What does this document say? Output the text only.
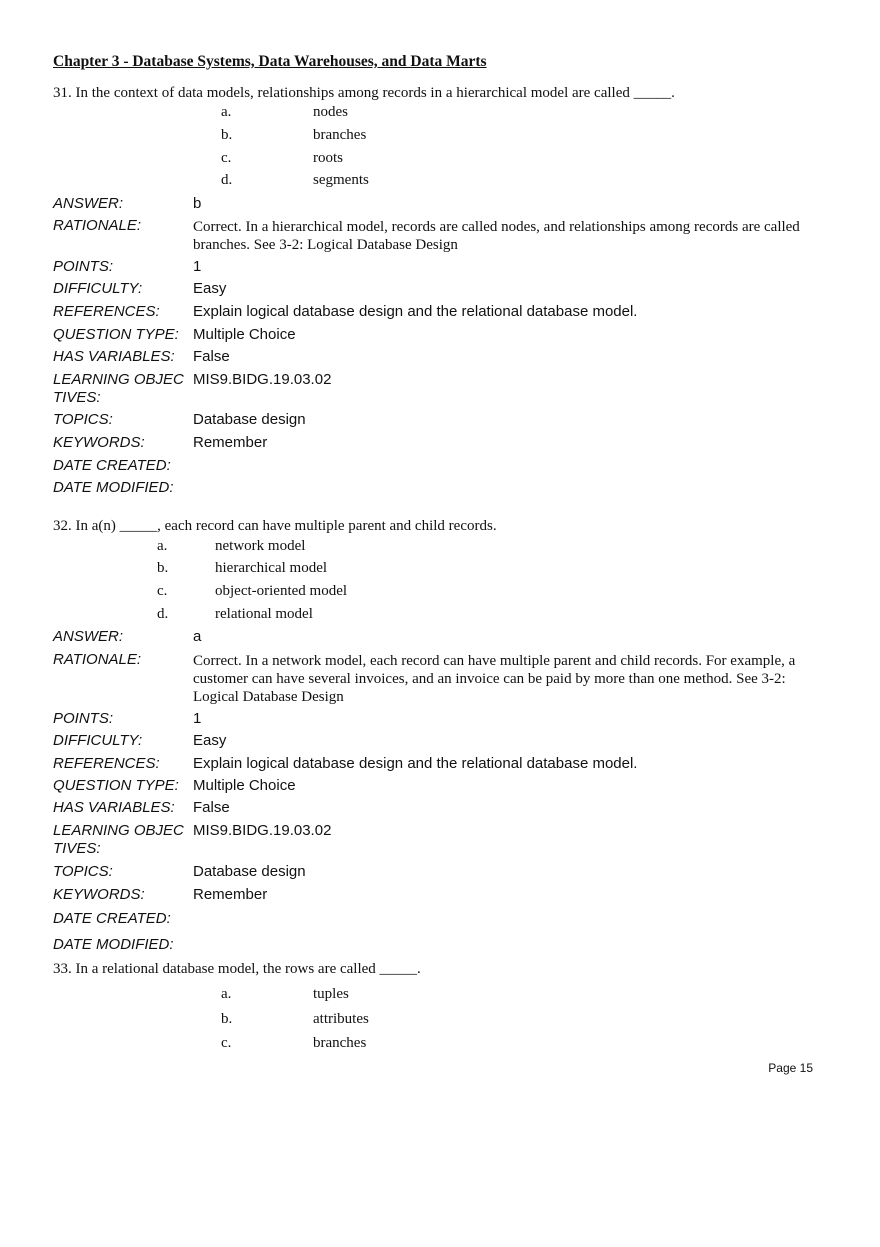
Chapter 3 - Database Systems, Data Warehouses, and Data Marts
31. In the context of data models, relationships among records in a hierarchical model are called _____.
a.	nodes
b.	branches
c.	roots
d.	segments
ANSWER:	b
RATIONALE:	Correct. In a hierarchical model, records are called nodes, and relationships among records are called branches. See 3-2: Logical Database Design
POINTS:	1
DIFFICULTY:	Easy
REFERENCES:	Explain logical database design and the relational database model.
QUESTION TYPE: Multiple Choice
HAS VARIABLES:	False
LEARNING OBJEC
TIVES:
MIS9.BIDG.19.03.02
TOPICS:	Database design
KEYWORDS:	Remember
DATE CREATED:
DATE MODIFIED:
32. In a(n) _____, each record can have multiple parent and child records.
a.	network model
b.	hierarchical model
c.	object-oriented model
d.	relational model
ANSWER:	a
RATIONALE:	Correct. In a network model, each record can have multiple parent and child records. For example, a customer can have several invoices, and an invoice can be paid by more than one method. See 3-2: Logical Database Design
POINTS:	1
DIFFICULTY:	Easy
REFERENCES:	Explain logical database design and the relational database model.
QUESTION TYPE: Multiple Choice
HAS VARIABLES:	False
LEARNING OBJEC
TIVES:
MIS9.BIDG.19.03.02
TOPICS:	Database design
KEYWORDS:	Remember
DATE CREATED:
DATE MODIFIED:
33. In a relational database model, the rows are called _____.
a.	tuples
b.	attributes
c.	branches
Page 15
